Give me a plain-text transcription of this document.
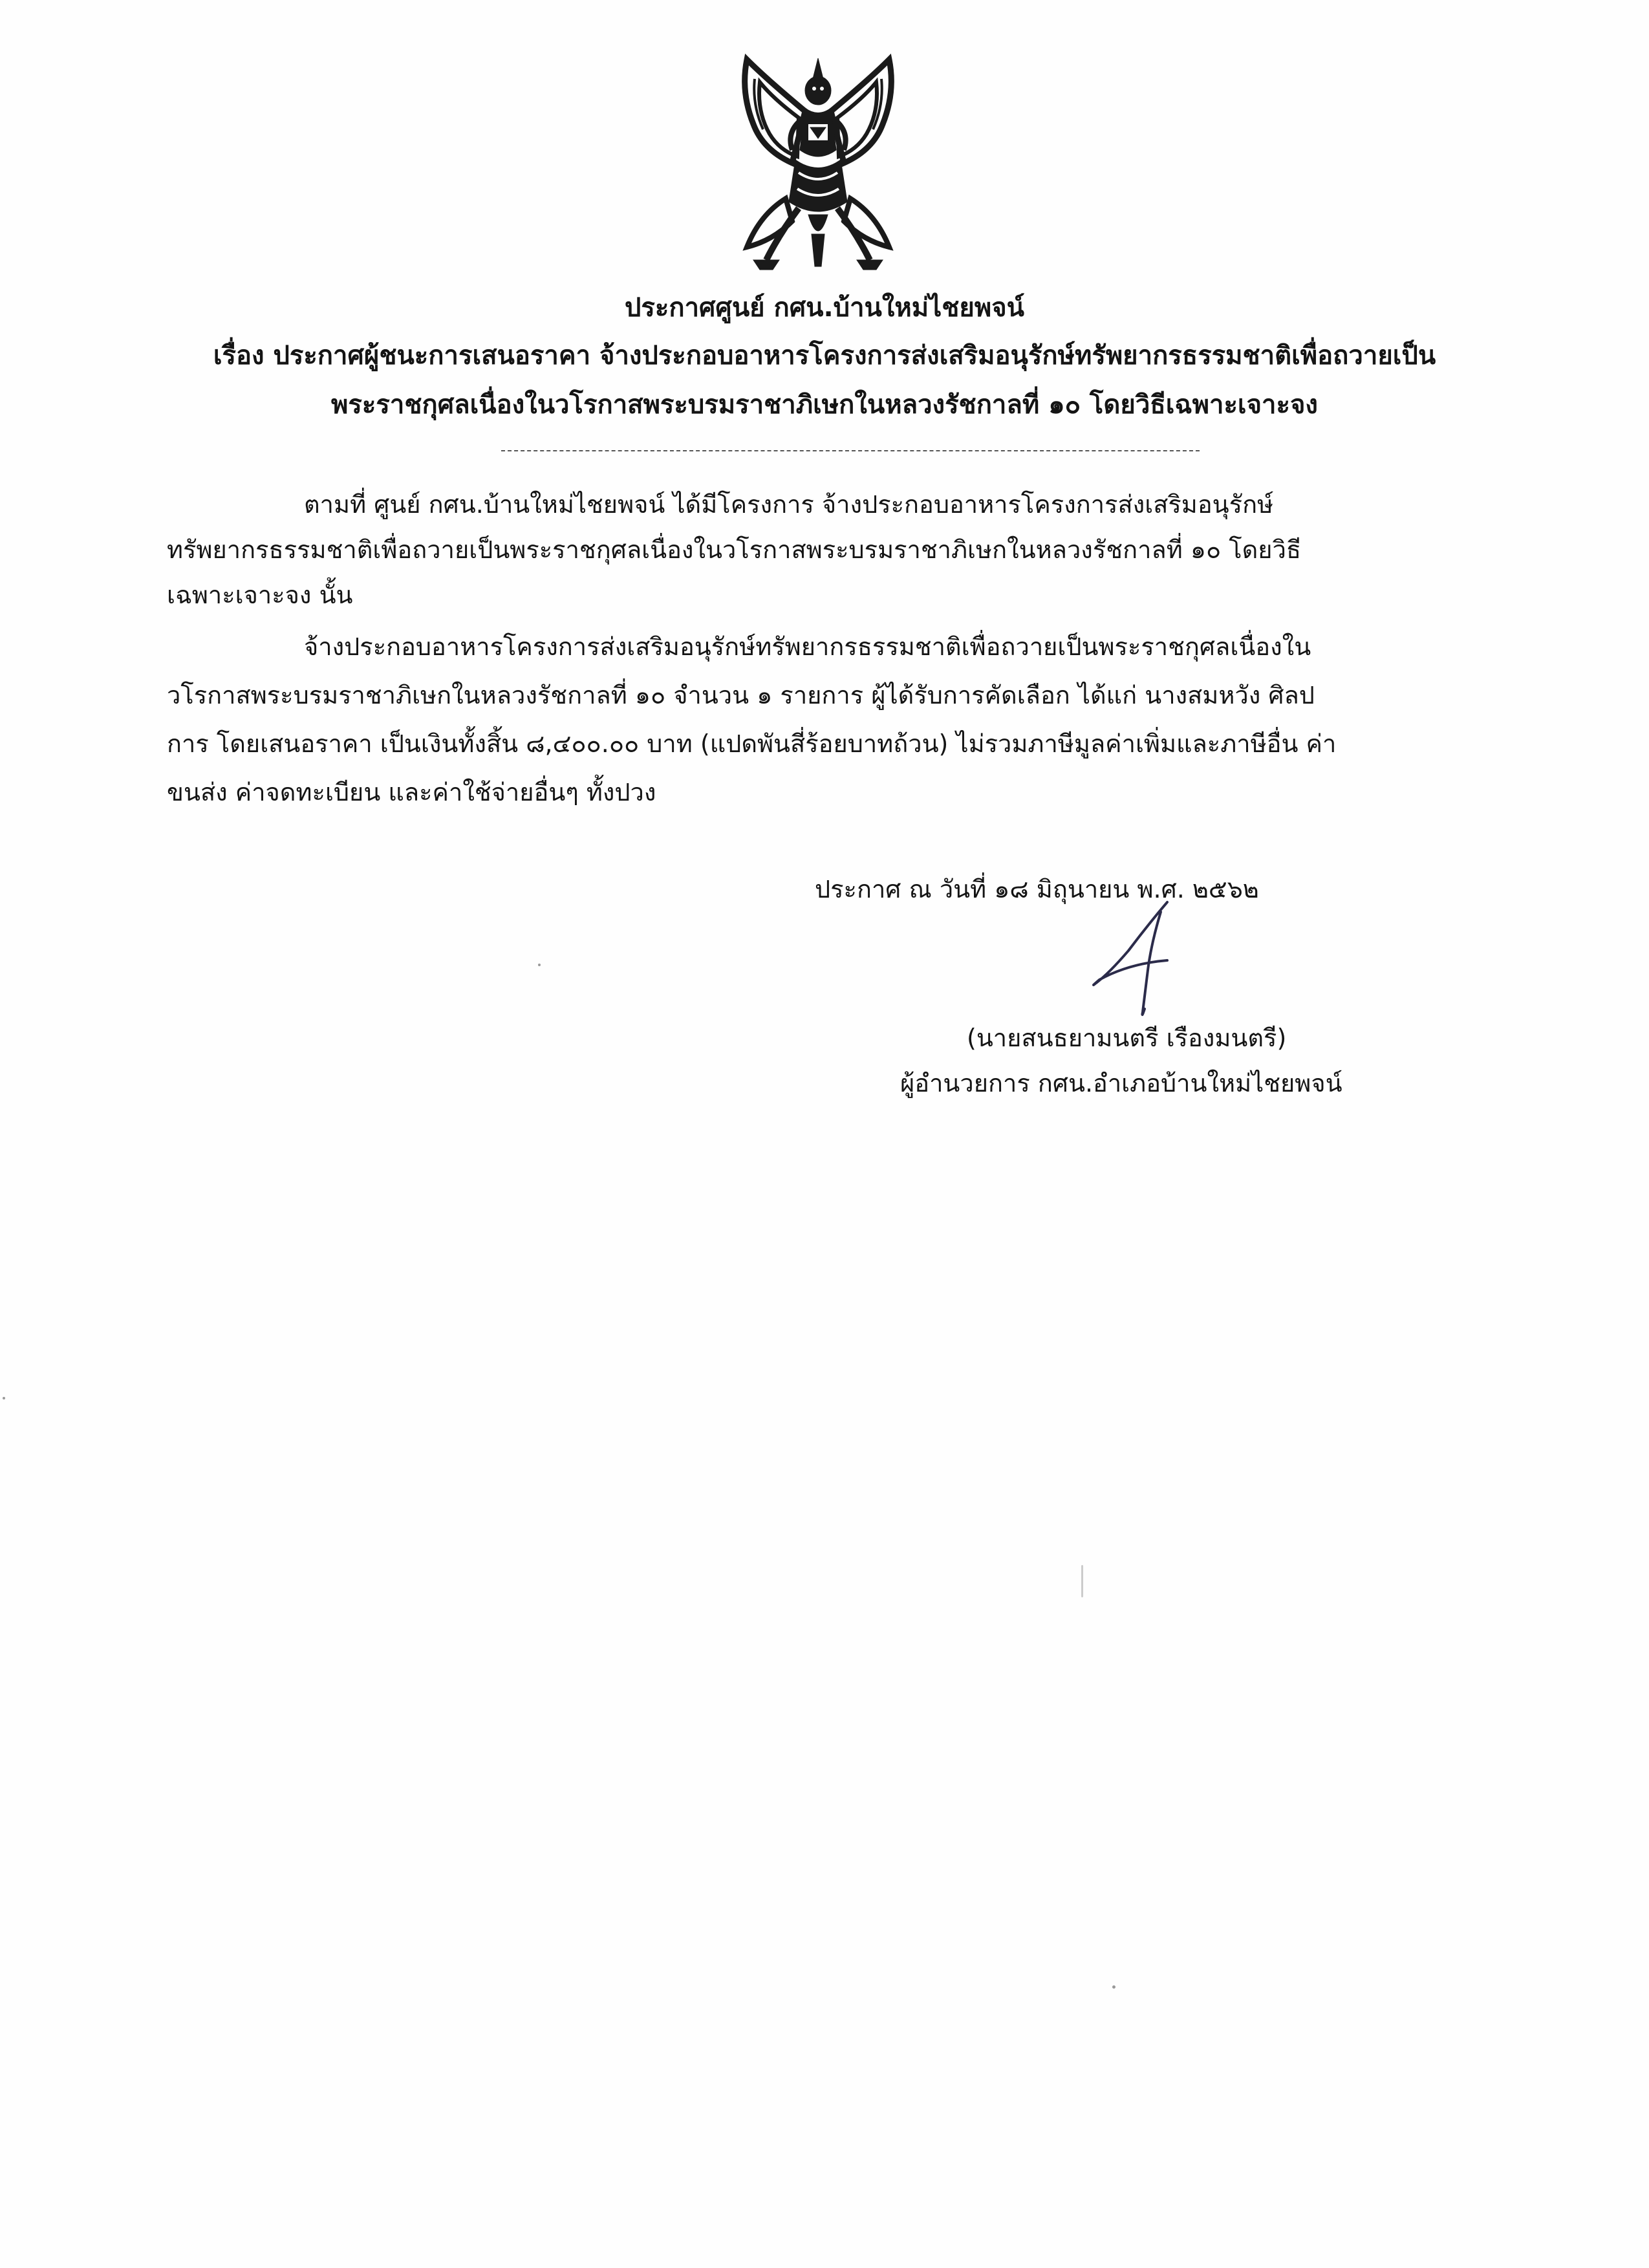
ประกาศศูนย์ กศน.บ้านใหม่ไชยพจน์
เรื่อง ประกาศผู้ชนะการเสนอราคา จ้างประกอบอาหารโครงการส่งเสริมอนุรักษ์ทรัพยากรธรรมชาติเพื่อถวายเป็น
พระราชกุศลเนื่องในวโรกาสพระบรมราชาภิเษกในหลวงรัชกาลที่ ๑๐ โดยวิธีเฉพาะเจาะจง
ตามที่ ศูนย์ กศน.บ้านใหม่ไชยพจน์ ได้มีโครงการ จ้างประกอบอาหารโครงการส่งเสริมอนุรักษ์
ทรัพยากรธรรมชาติเพื่อถวายเป็นพระราชกุศลเนื่องในวโรกาสพระบรมราชาภิเษกในหลวงรัชกาลที่ ๑๐ โดยวิธี
เฉพาะเจาะจง นั้น
จ้างประกอบอาหารโครงการส่งเสริมอนุรักษ์ทรัพยากรธรรมชาติเพื่อถวายเป็นพระราชกุศลเนื่องใน
วโรกาสพระบรมราชาภิเษกในหลวงรัชกาลที่ ๑๐ จำนวน ๑ รายการ ผู้ได้รับการคัดเลือก ได้แก่ นางสมหวัง ศิลป
การ โดยเสนอราคา เป็นเงินทั้งสิ้น ๘,๔๐๐.๐๐ บาท (แปดพันสี่ร้อยบาทถ้วน) ไม่รวมภาษีมูลค่าเพิ่มและภาษีอื่น ค่า
ขนส่ง ค่าจดทะเบียน และค่าใช้จ่ายอื่นๆ ทั้งปวง
ประกาศ ณ วันที่ ๑๘ มิถุนายน พ.ศ. ๒๕๖๒
(นายสนธยามนตรี เรืองมนตรี)
ผู้อำนวยการ กศน.อำเภอบ้านใหม่ไชยพจน์
